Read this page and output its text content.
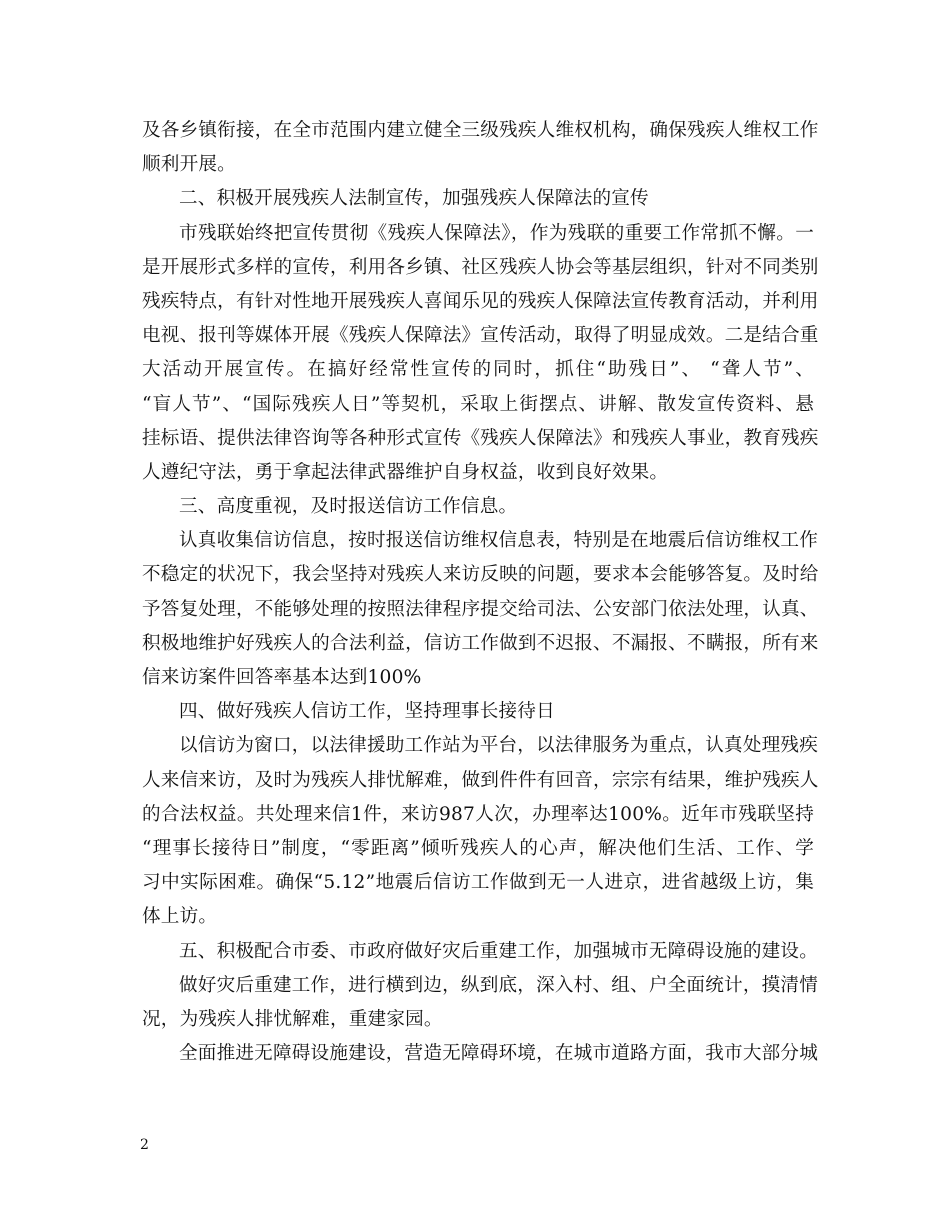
及各乡镇衔接，在全市范围内建立健全三级残疾人维权机构，确保残疾人维权工作
顺利开展。
二、积极开展残疾人法制宣传，加强残疾人保障法的宣传
市残联始终把宣传贯彻《残疾人保障法》，作为残联的重要工作常抓不懈。一
是开展形式多样的宣传，利用各乡镇、社区残疾人协会等基层组织，针对不同类别
残疾特点，有针对性地开展残疾人喜闻乐见的残疾人保障法宣传教育活动，并利用
电视、报刊等媒体开展《残疾人保障法》宣传活动，取得了明显成效。二是结合重
大活动开展宣传。在搞好经常性宣传的同时，抓住“助残日”、 “聋人节”、
“盲人节”、“国际残疾人日”等契机，采取上街摆点、讲解、散发宣传资料、悬
挂标语、提供法律咨询等各种形式宣传《残疾人保障法》和残疾人事业，教育残疾
人遵纪守法，勇于拿起法律武器维护自身权益，收到良好效果。
三、高度重视，及时报送信访工作信息。
认真收集信访信息，按时报送信访维权信息表，特别是在地震后信访维权工作
不稳定的状况下，我会坚持对残疾人来访反映的问题，要求本会能够答复。及时给
予答复处理，不能够处理的按照法律程序提交给司法、公安部门依法处理，认真、
积极地维护好残疾人的合法利益，信访工作做到不迟报、不漏报、不瞒报，所有来
信来访案件回答率基本达到100%
四、做好残疾人信访工作，坚持理事长接待日
以信访为窗口，以法律援助工作站为平台，以法律服务为重点，认真处理残疾
人来信来访，及时为残疾人排忧解难，做到件件有回音，宗宗有结果，维护残疾人
的合法权益。共处理来信1件，来访987人次，办理率达100%。近年市残联坚持
“理事长接待日”制度，“零距离”倾听残疾人的心声，解决他们生活、工作、学
习中实际困难。确保“5.12”地震后信访工作做到无一人进京，进省越级上访，集
体上访。
五、积极配合市委、市政府做好灾后重建工作，加强城市无障碍设施的建设。
做好灾后重建工作，进行横到边，纵到底，深入村、组、户全面统计，摸清情
况，为残疾人排忧解难，重建家园。
全面推进无障碍设施建设，营造无障碍环境，在城市道路方面，我市大部分城
2
